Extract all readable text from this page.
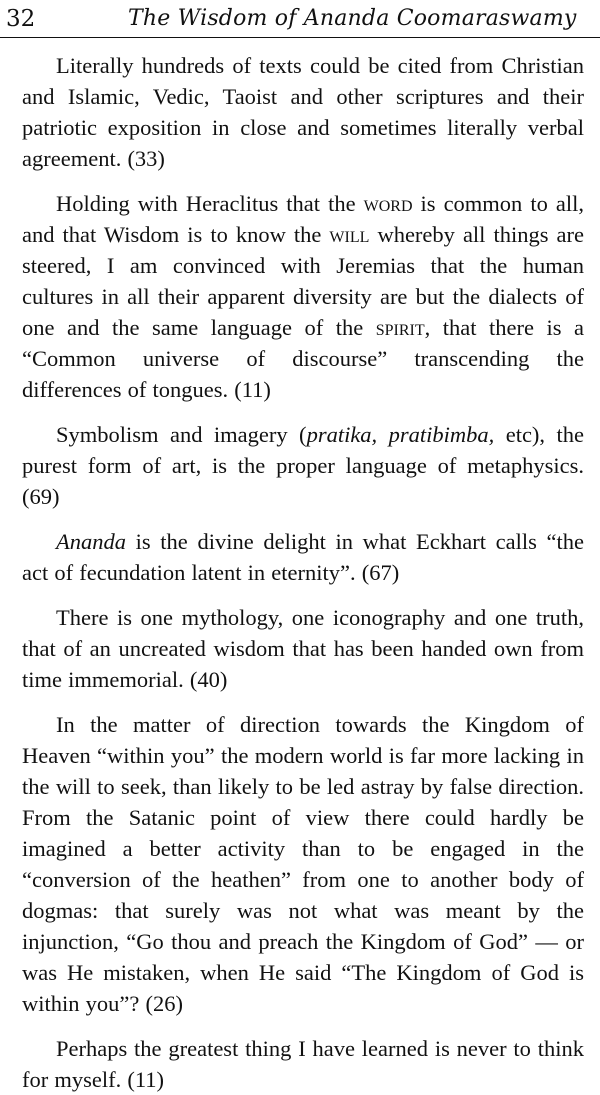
32	The Wisdom of Ananda Coomaraswamy

Literally hundreds of texts could be cited from Christian and Islamic, Vedic, Taoist and other scriptures and their patriotic exposition in close and sometimes literally verbal agreement. (33)

Holding with Heraclitus that the word is common to all, and that Wisdom is to know the will whereby all things are steered, I am convinced with Jeremias that the human cultures in all their apparent diversity are but the dialects of one and the same language of the spirit, that there is a “Common universe of discourse” transcending the differences of tongues. (11)

Symbolism and imagery (pratika, pratibimba, etc), the purest form of art, is the proper language of metaphysics. (69)

Ananda is the divine delight in what Eckhart calls “the act of fecundation latent in eternity”. (67)

There is one mythology, one iconography and one truth, that of an uncreated wisdom that has been handed own from time immemorial. (40)

In the matter of direction towards the Kingdom of Heaven “within you” the modern world is far more lacking in the will to seek, than likely to be led astray by false direction. From the Satanic point of view there could hardly be imagined a better activity than to be engaged in the “conversion of the heathen” from one to another body of dogmas: that surely was not what was meant by the injunction, “Go thou and preach the Kingdom of God” — or was He mistaken, when He said “The Kingdom of God is within you”? (26)

Perhaps the greatest thing I have learned is never to think for myself. (11)
